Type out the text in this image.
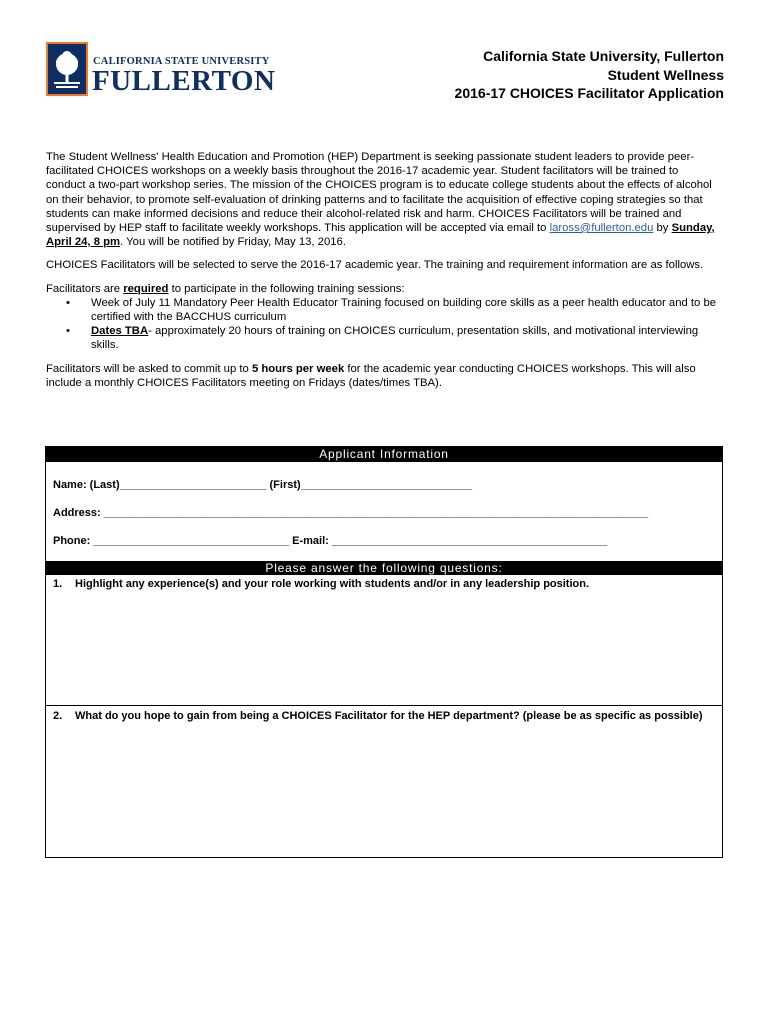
CALIFORNIA STATE UNIVERSITY
FULLERTON
California State University, Fullerton
Student Wellness
2016-17 CHOICES Facilitator Application

The Student Wellness' Health Education and Promotion (HEP) Department is seeking passionate student leaders to provide peer-facilitated CHOICES workshops on a weekly basis throughout the 2016-17 academic year. Student facilitators will be trained to conduct a two-part workshop series. The mission of the CHOICES program is to educate college students about the effects of alcohol on their behavior, to promote self-evaluation of drinking patterns and to facilitate the acquisition of effective coping strategies so that students can make informed decisions and reduce their alcohol-related risk and harm. CHOICES Facilitators will be trained and supervised by HEP staff to facilitate weekly workshops. This application will be accepted via email to laross@fullerton.edu by Sunday, April 24, 8 pm. You will be notified by Friday, May 13, 2016.

CHOICES Facilitators will be selected to serve the 2016-17 academic year. The training and requirement information are as follows.

Facilitators are required to participate in the following training sessions:

• Week of July 11 Mandatory Peer Health Educator Training focused on building core skills as a peer health educator and to be certified with the BACCHUS curriculum
• Dates TBA- approximately 20 hours of training on CHOICES curriculum, presentation skills, and motivational interviewing skills.

Facilitators will be asked to commit up to 5 hours per week for the academic year conducting CHOICES workshops. This will also include a monthly CHOICES Facilitators meeting on Fridays (dates/times TBA).

Applicant Information
Name: (Last)________________________ (First)____________________________
Address: _________________________________________________________________________________________
Phone: ________________________________ E-mail: _____________________________________________
Please answer the following questions:
1.	Highlight any experience(s) and your role working with students and/or in any leadership position.
2.	What do you hope to gain from being a CHOICES Facilitator for the HEP department? (please be as specific as possible)
